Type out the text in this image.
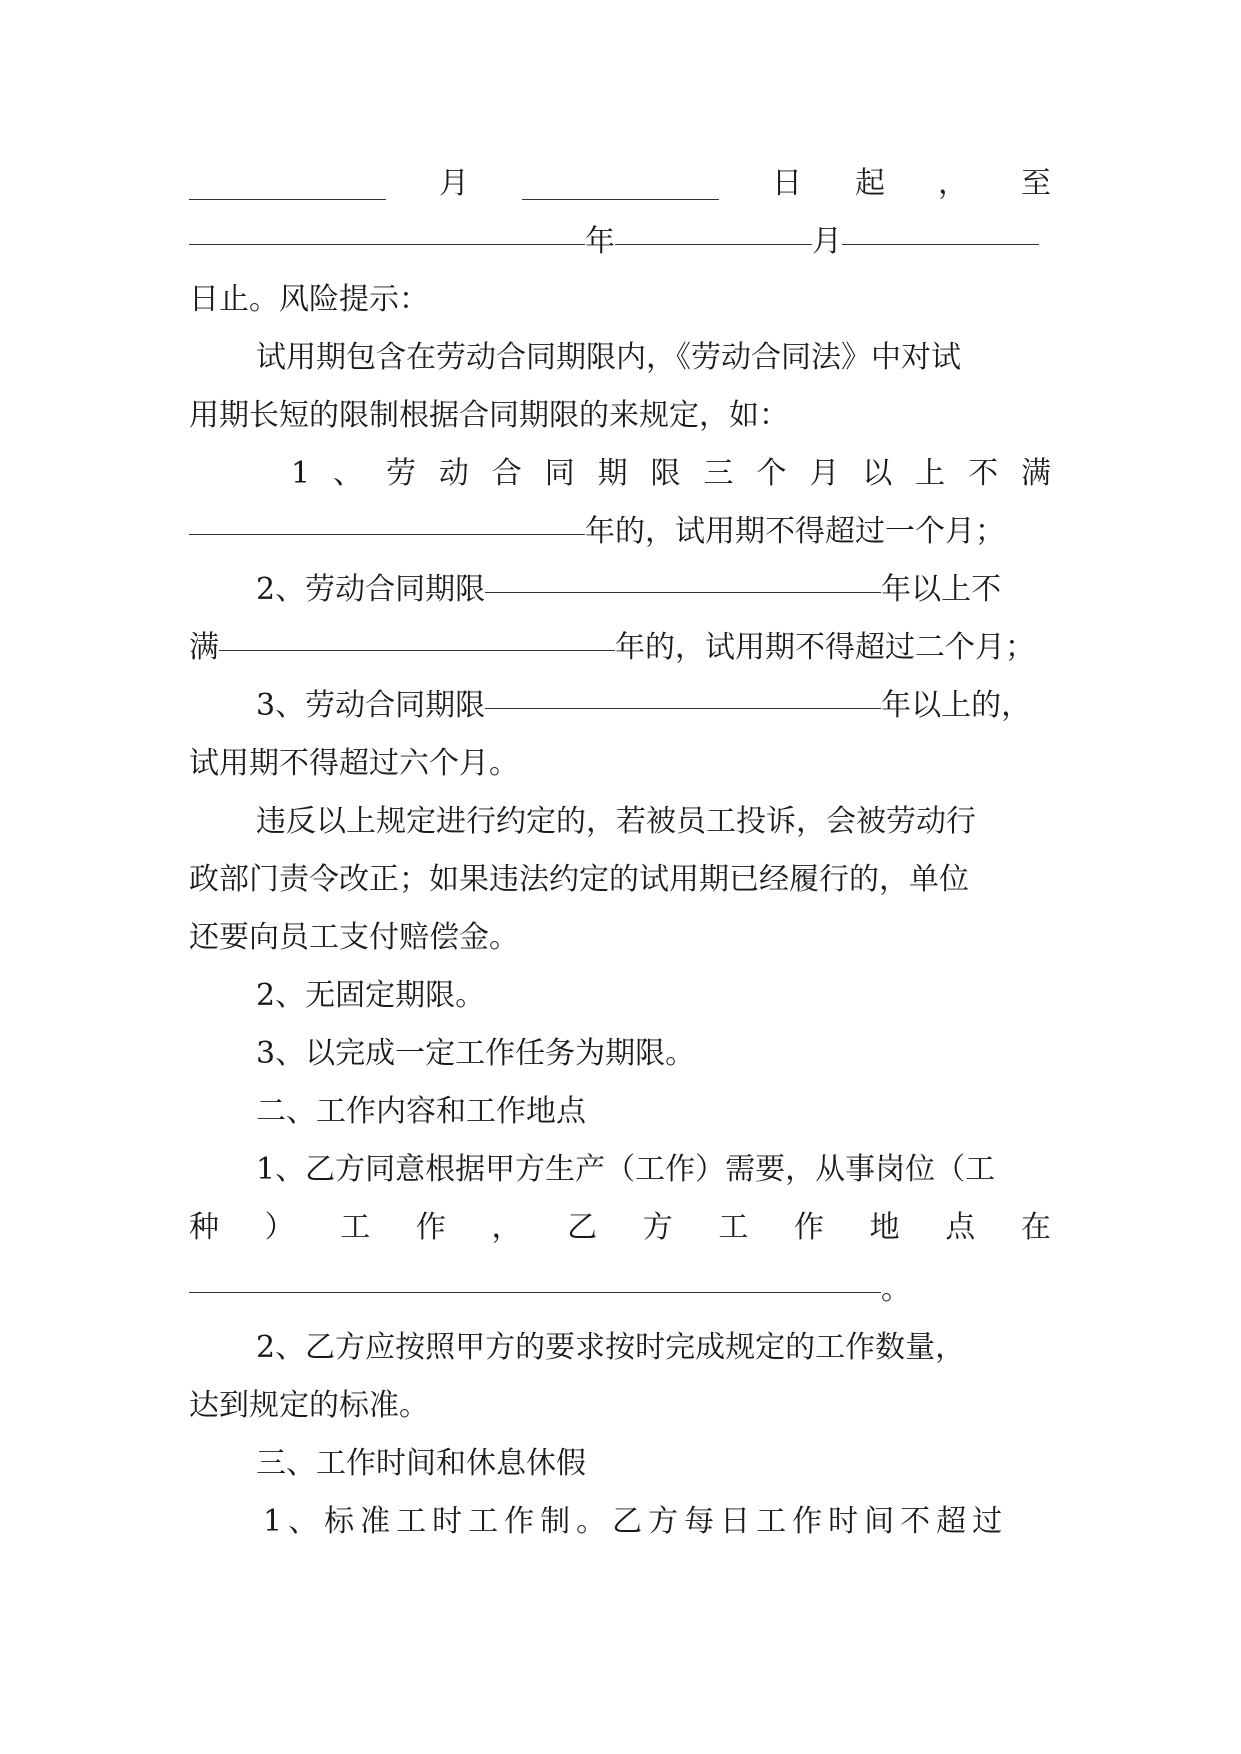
月	日 起 ， 至
年	月
日止。风险提示：
试用期包含在劳动合同期限内，《劳动合同法》中对试
用期长短的限制根据合同期限的来规定，如：
1 、 劳 动 合 同 期 限 三 个 月 以 上 不 满
年的，试用期不得超过一个月；
2、劳动合同期限	年以上不
满	年的，试用期不得超过二个月；
3、劳动合同期限	年以上的，
试用期不得超过六个月。
违反以上规定进行约定的，若被员工投诉，会被劳动行
政部门责令改正；如果违法约定的试用期已经履行的，单位
还要向员工支付赔偿金。
2、无固定期限。
3、以完成一定工作任务为期限。
二、工作内容和工作地点
1、乙方同意根据甲方生产（工作）需要，从事岗位（工
种 ） 工 作 ， 乙 方 工 作 地 点 在
。
2、乙方应按照甲方的要求按时完成规定的工作数量，
达到规定的标准。
三、工作时间和休息休假
1、标准工时工作制。乙方每日工作时间不超过
